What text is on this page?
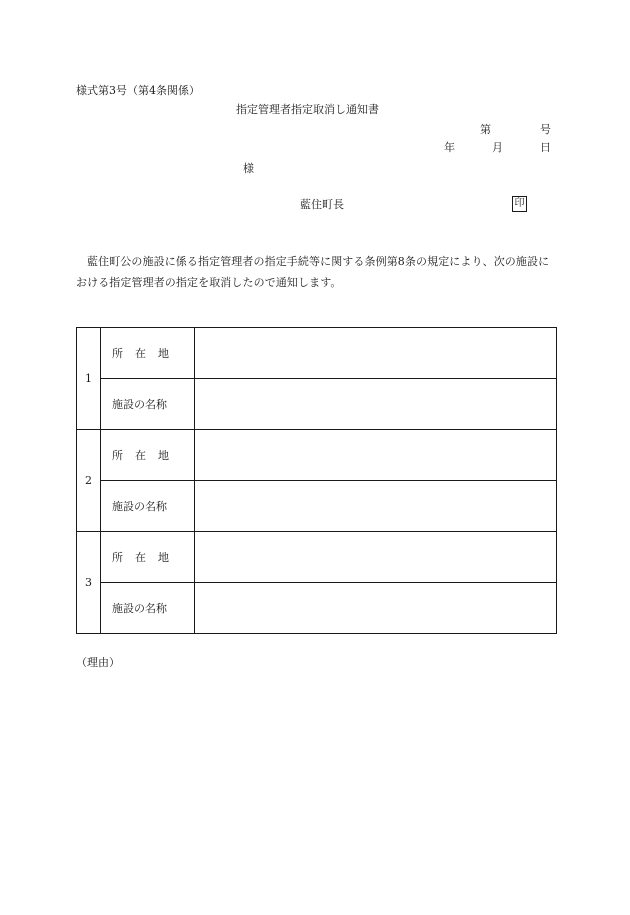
様式第3号（第4条関係）
指定管理者指定取消し通知書
第	号
年	月	日
様
藍住町長	印
藍住町公の施設に係る指定管理者の指定手続等に関する条例第8条の規定により、次の施設における指定管理者の指定を取消したので通知します。
1	所在地	
	施設の名称	
2	所在地	
	施設の名称	
3	所在地	
	施設の名称	
（理由）
